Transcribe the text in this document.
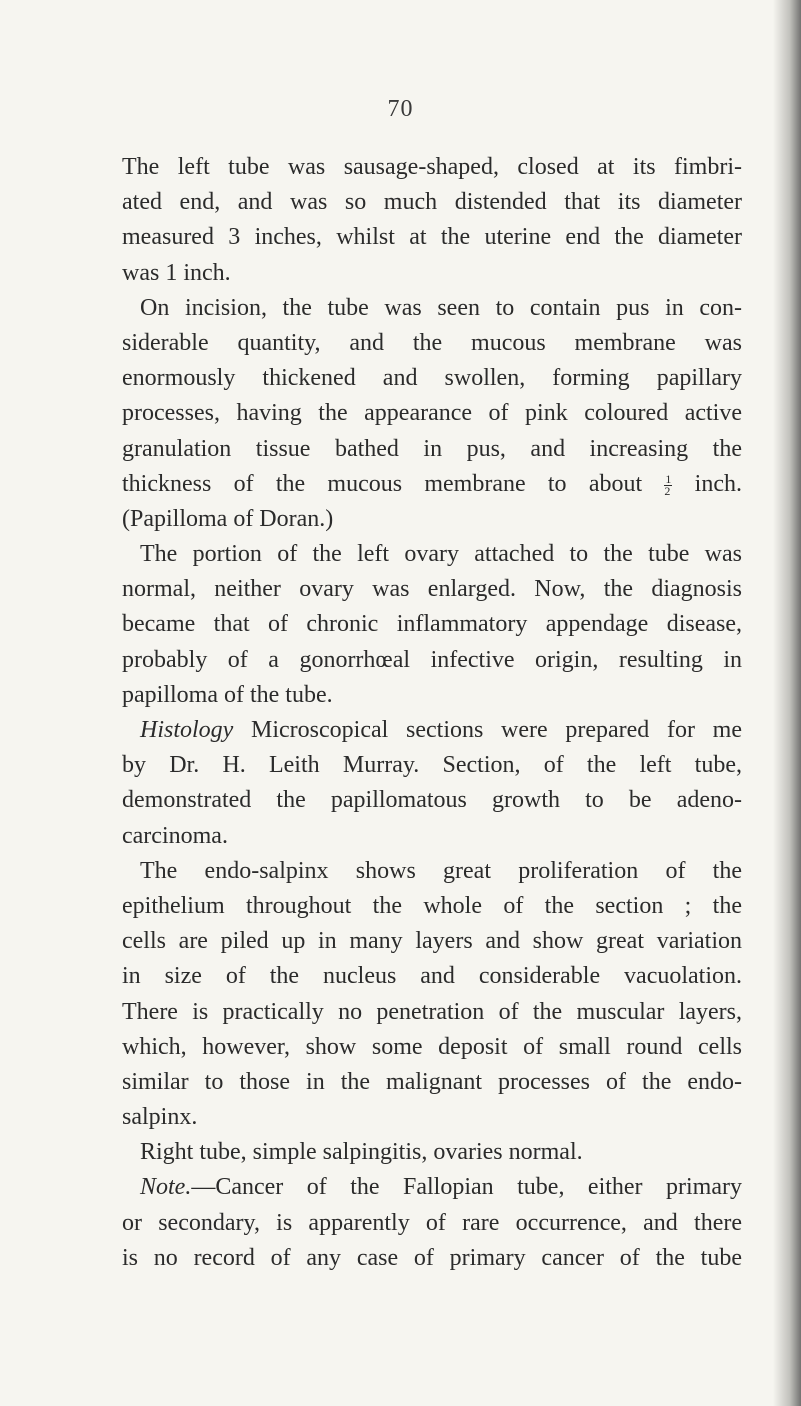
70
The left tube was sausage-shaped, closed at its fimbri-
ated end, and was so much distended that its diameter
measured 3 inches, whilst at the uterine end the diameter
was 1 inch.
On incision, the tube was seen to contain pus in con-
siderable quantity, and the mucous membrane was
enormously thickened and swollen, forming papillary
processes, having the appearance of pink coloured active
granulation tissue bathed in pus, and increasing the
thickness of the mucous membrane to about $\frac{1}{2}$ inch.
(Papilloma of Doran.)
The portion of the left ovary attached to the tube was
normal, neither ovary was enlarged. Now, the diagnosis
became that of chronic inflammatory appendage disease,
probably of a gonorrhœal infective origin, resulting in
papilloma of the tube.
Histology Microscopical sections were prepared for me
by Dr. H. Leith Murray. Section, of the left tube,
demonstrated the papillomatous growth to be adeno-
carcinoma.
The endo-salpinx shows great proliferation of the
epithelium throughout the whole of the section ; the
cells are piled up in many layers and show great variation
in size of the nucleus and considerable vacuolation.
There is practically no penetration of the muscular layers,
which, however, show some deposit of small round cells
similar to those in the malignant processes of the endo-
salpinx.
Right tube, simple salpingitis, ovaries normal.
Note.—Cancer of the Fallopian tube, either primary
or secondary, is apparently of rare occurrence, and there
is no record of any case of primary cancer of the tube
